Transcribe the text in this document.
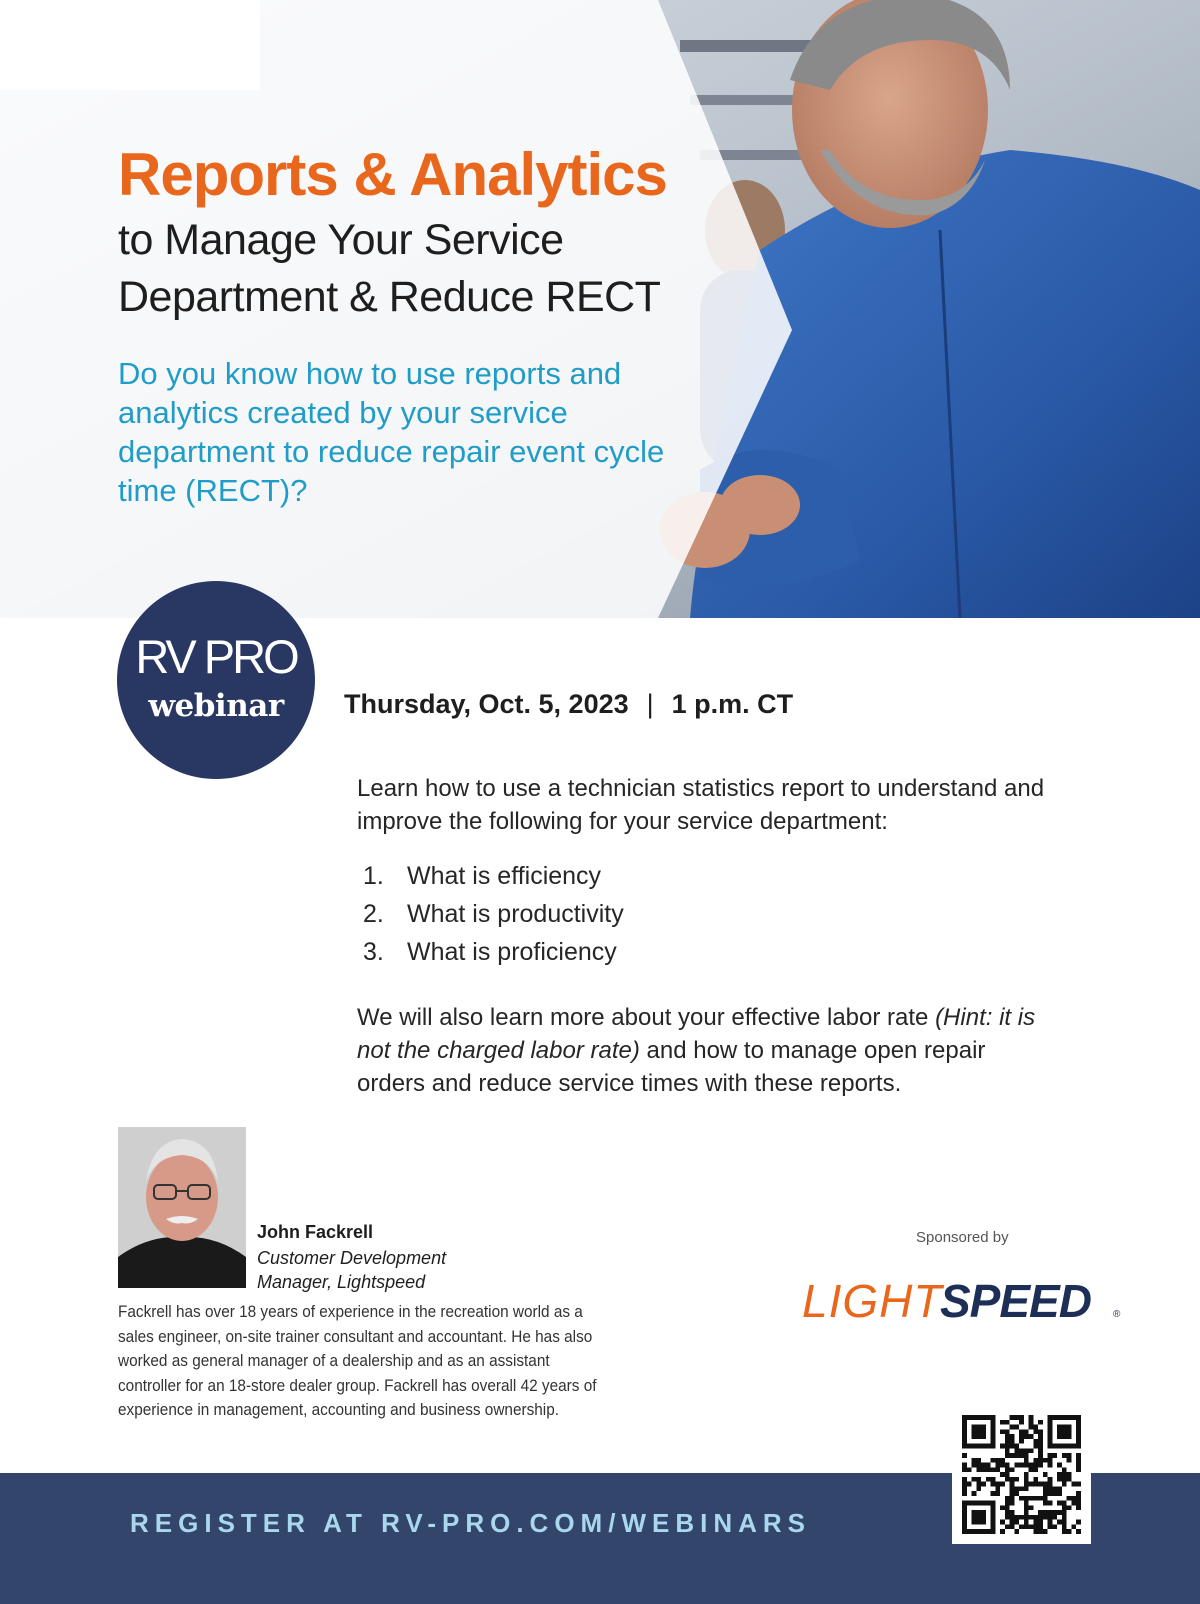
Reports & Analytics
to Manage Your Service Department & Reduce RECT
Do you know how to use reports and analytics created by your service department to reduce repair event cycle time (RECT)?
RV PRO
webinar	Thursday, Oct. 5, 2023 | 1 p.m. CT

Learn how to use a technician statistics report to understand and improve the following for your service department:

1. What is efficiency
2. What is productivity
3. What is proficiency

We will also learn more about your effective labor rate (Hint: it is not the charged labor rate) and how to manage open repair orders and reduce service times with these reports.

John Fackrell
Customer Development Manager, Lightspeed

Fackrell has over 18 years of experience in the recreation world as a sales engineer, on-site trainer consultant and accountant. He has also worked as general manager of a dealership and as an assistant controller for an 18-store dealer group. Fackrell has overall 42 years of experience in management, accounting and business ownership.

Sponsored by
LIGHT
SPEED ®
REGISTER AT RV-PRO.COM/WEBINARS
